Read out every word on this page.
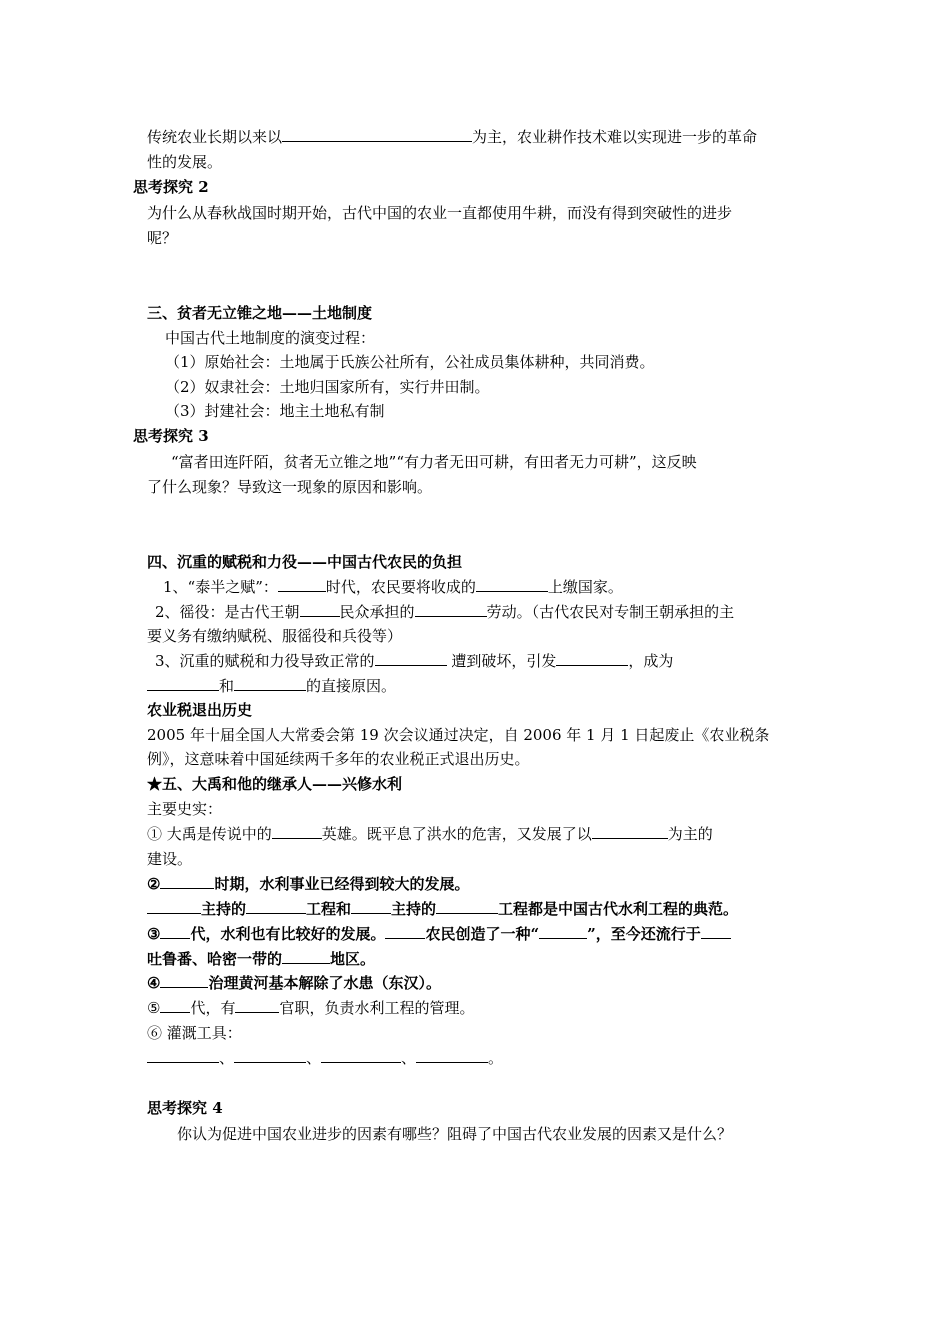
传统农业长期以来以	为主，农业耕作技术难以实现进一步的革命
性的发展。
思考探究 2
为什么从春秋战国时期开始，古代中国的农业一直都使用牛耕，而没有得到突破性的进步
呢？
三、贫者无立锥之地——土地制度
中国古代土地制度的演变过程：
（1）原始社会：土地属于氏族公社所有，公社成员集体耕种，共同消费。
（2）奴隶社会：土地归国家所有，实行井田制。
（3）封建社会：地主土地私有制
思考探究 3
“富者田连阡陌，贫者无立锥之地”“有力者无田可耕，有田者无力可耕”，这反映
了什么现象？导致这一现象的原因和影响。
四、沉重的赋税和力役——中国古代农民的负担
1、“泰半之赋”：	时代，农民要将收成的	上缴国家。
2、徭役：是古代王朝	民众承担的	劳动。（古代农民对专制王朝承担的主
要义务有缴纳赋税、服徭役和兵役等）
3、沉重的赋税和力役导致正常的	遭到破坏，引发	，成为
和	的直接原因。
农业税退出历史
2005 年十届全国人大常委会第 19 次会议通过决定，自 2006 年 1 月 1 日起废止《农业税条
例》，这意味着中国延续两千多年的农业税正式退出历史。
★五、大禹和他的继承人——兴修水利
主要史实：
① 大禹是传说中的	英雄。既平息了洪水的危害，又发展了以	为主的
建设。
②	时期，水利事业已经得到较大的发展。
主持的	工程和	主持的	工程都是中国古代水利工程的典范。
③ 代，水利也有比较好的发展。	农民创造了一种“	”，至今还流行于
吐鲁番、哈密一带的	地区。
④	治理黄河基本解除了水患（东汉）。
⑤ 代，有	官职，负责水利工程的管理。
⑥ 灌溉工具：
、	、	、	。
思考探究 4
你认为促进中国农业进步的因素有哪些？阻碍了中国古代农业发展的因素又是什么？
